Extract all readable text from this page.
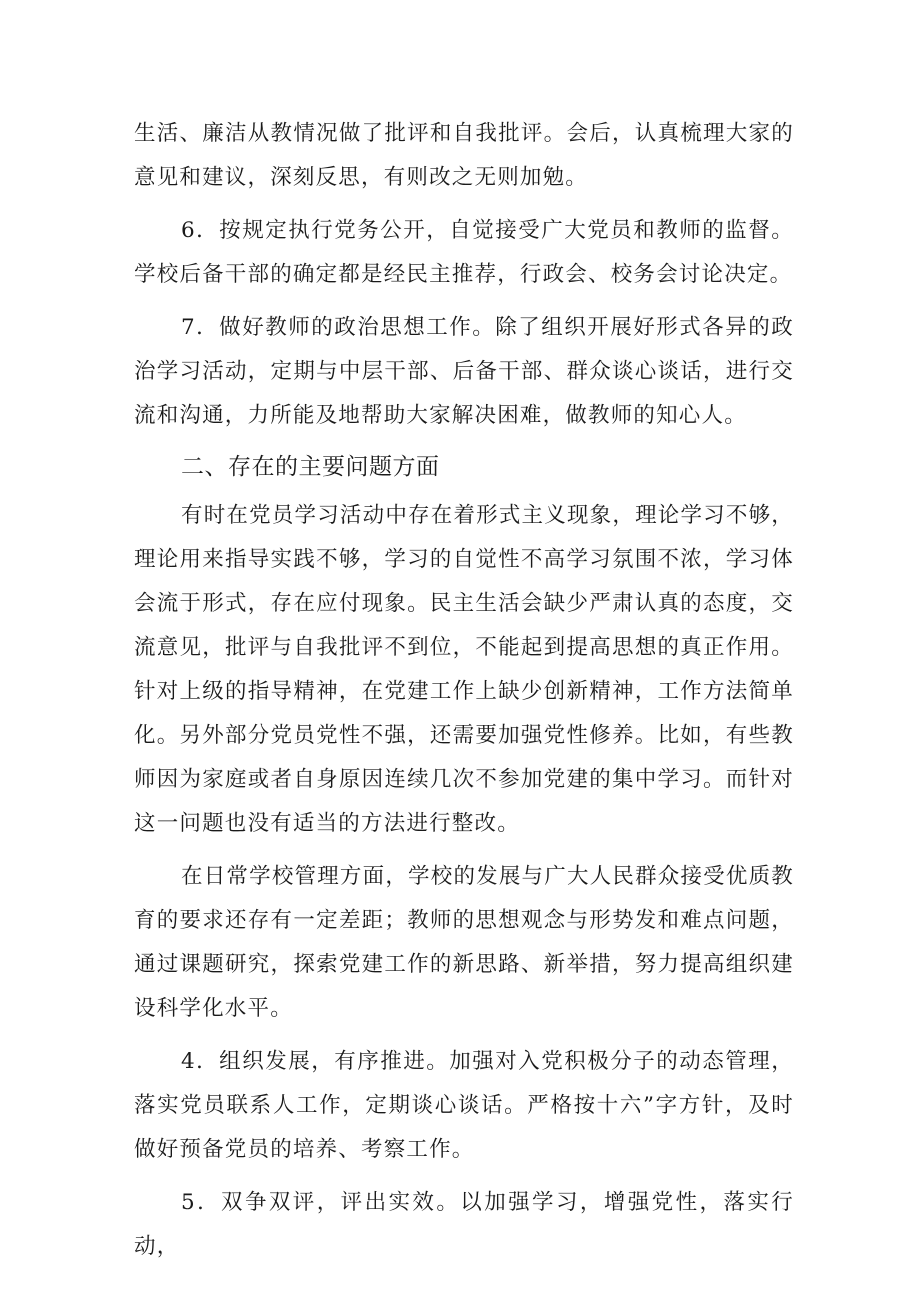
生活、廉洁从教情况做了批评和自我批评。会后，认真梳理大家的意见和建议，深刻反思，有则改之无则加勉。

6．按规定执行党务公开，自觉接受广大党员和教师的监督。学校后备干部的确定都是经民主推荐，行政会、校务会讨论决定。

7．做好教师的政治思想工作。除了组织开展好形式各异的政治学习活动，定期与中层干部、后备干部、群众谈心谈话，进行交流和沟通，力所能及地帮助大家解决困难，做教师的知心人。

二、存在的主要问题方面

有时在党员学习活动中存在着形式主义现象，理论学习不够，理论用来指导实践不够，学习的自觉性不高学习氛围不浓，学习体会流于形式，存在应付现象。民主生活会缺少严肃认真的态度，交流意见，批评与自我批评不到位，不能起到提高思想的真正作用。针对上级的指导精神，在党建工作上缺少创新精神，工作方法简单化。另外部分党员党性不强，还需要加强党性修养。比如，有些教师因为家庭或者自身原因连续几次不参加党建的集中学习。而针对这一问题也没有适当的方法进行整改。

在日常学校管理方面，学校的发展与广大人民群众接受优质教育的要求还存有一定差距；教师的思想观念与形势发和难点问题，通过课题研究，探索党建工作的新思路、新举措，努力提高组织建设科学化水平。

4．组织发展，有序推进。加强对入党积极分子的动态管理，落实党员联系人工作，定期谈心谈话。严格按十六”字方针，及时做好预备党员的培养、考察工作。

5．双争双评，评出实效。以加强学习，增强党性，落实行动，
